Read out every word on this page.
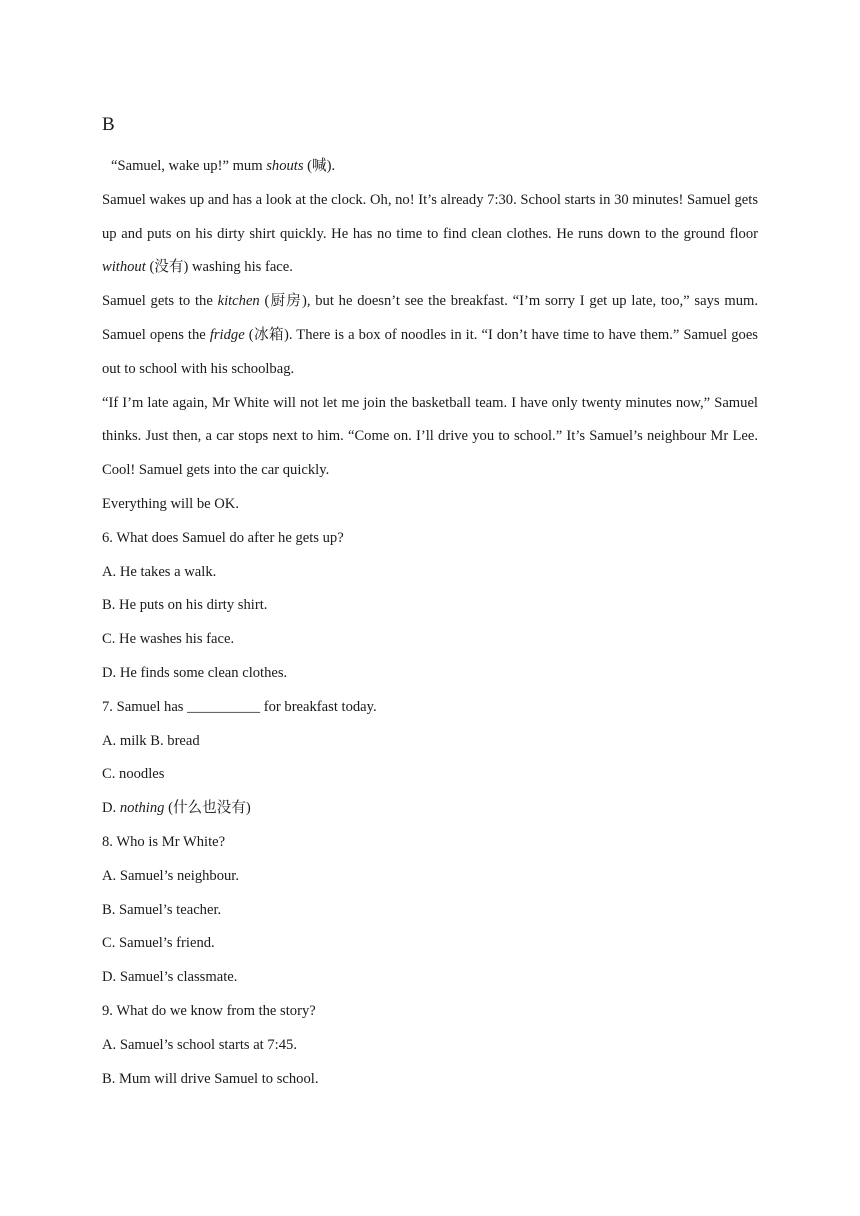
B

“Samuel, wake up!” mum shouts (喊).

Samuel wakes up and has a look at the clock. Oh, no! It’s already 7:30. School starts in 30 minutes! Samuel gets up and puts on his dirty shirt quickly. He has no time to find clean clothes. He runs down to the ground floor without (没有) washing his face.

Samuel gets to the kitchen (厨房), but he doesn’t see the breakfast. “I’m sorry I get up late, too,” says mum. Samuel opens the fridge (冰箱). There is a box of noodles in it. “I don’t have time to have them.” Samuel goes out to school with his schoolbag.

“If I’m late again, Mr White will not let me join the basketball team. I have only twenty minutes now,” Samuel thinks. Just then, a car stops next to him. “Come on. I’ll drive you to school.” It’s Samuel’s neighbour Mr Lee. Cool! Samuel gets into the car quickly.

Everything will be OK.

6. What does Samuel do after he gets up?

A. He takes a walk.

B. He puts on his dirty shirt.

C. He washes his face.

D. He finds some clean clothes.

7. Samuel has __________ for breakfast today.

A. milk B. bread

C. noodles

D. nothing (什么也没有)

8. Who is Mr White?

A. Samuel’s neighbour.

B. Samuel’s teacher.

C. Samuel’s friend.

D. Samuel’s classmate.

9. What do we know from the story?

A. Samuel’s school starts at 7:45.

B. Mum will drive Samuel to school.
